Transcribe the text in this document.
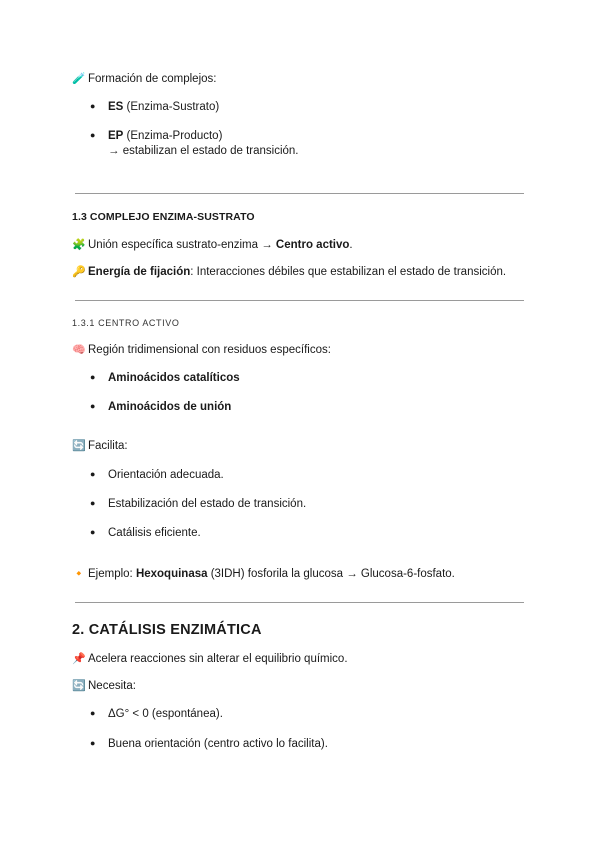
🧪 Formación de complejos:
● ES (Enzima-Sustrato)
● EP (Enzima-Producto)
→ estabilizan el estado de transición.
1.3 COMPLEJO ENZIMA-SUSTRATO
🧩 Unión específica sustrato-enzima → Centro activo.
🔑 Energía de fijación: Interacciones débiles que estabilizan el estado de transición.
1.3.1 CENTRO ACTIVO
🧠 Región tridimensional con residuos específicos:
● Aminoácidos catalíticos
● Aminoácidos de unión
🔄 Facilita:
● Orientación adecuada.
● Estabilización del estado de transición.
● Catálisis eficiente.
🔸 Ejemplo: Hexoquinasa (3IDH) fosforila la glucosa → Glucosa-6-fosfato.
2. CATÁLISIS ENZIMÁTICA
📌 Acelera reacciones sin alterar el equilibrio químico.
🔄 Necesita:
● ΔG° < 0 (espontánea).
● Buena orientación (centro activo lo facilita).
